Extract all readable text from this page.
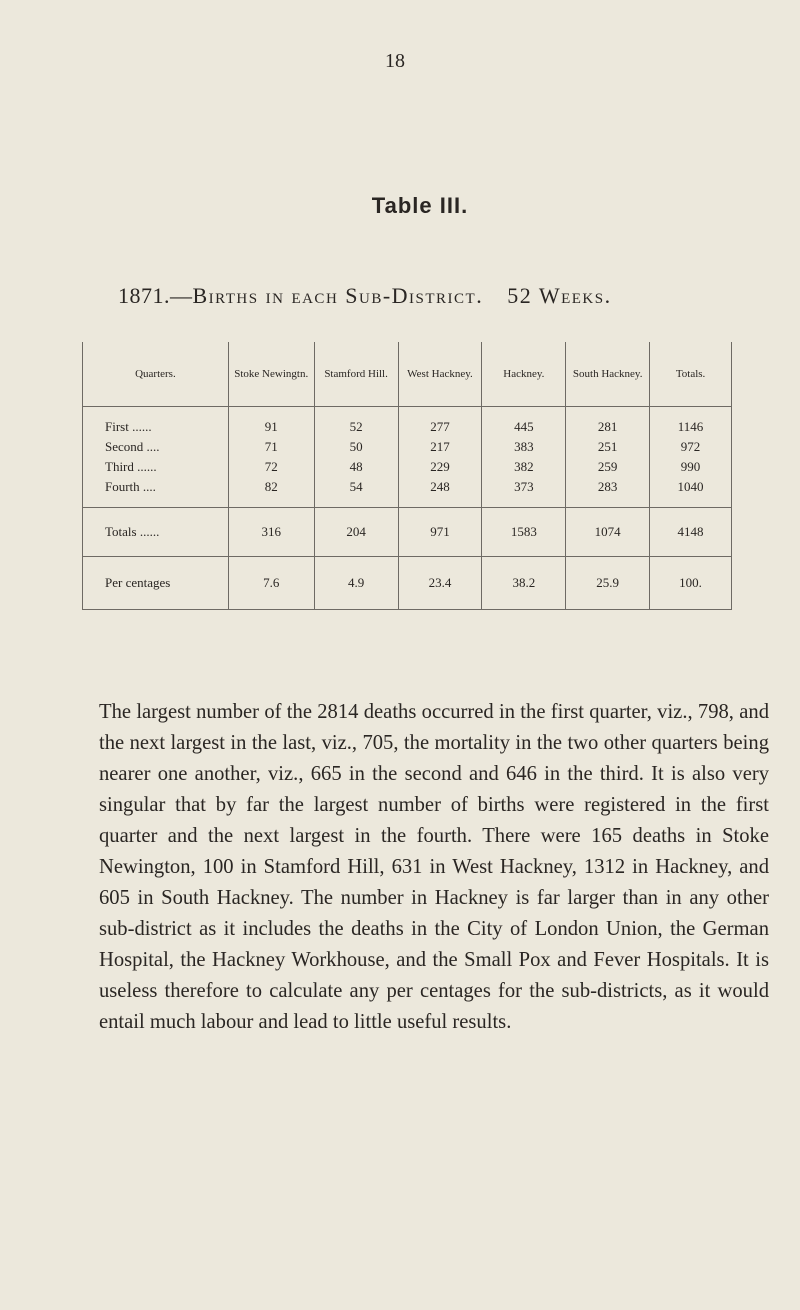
18
Table III.
1871.—Births in each Sub-District. 52 Weeks.
Quarters.	Stoke Newingtn.	Stamford Hill.	West Hackney.	Hackney.	South Hackney.	Totals.
First ......	91	52	277	445	281	1146
Second ....	71	50	217	383	251	972
Third ......	72	48	229	382	259	990
Fourth ....	82	54	248	373	283	1040
Totals ......	316	204	971	1583	1074	4148
Per centages	7.6	4.9	23.4	38.2	25.9	100.

The largest number of the 2814 deaths occurred in the first quarter, viz., 798, and the next largest in the last, viz., 705, the mortality in the two other quarters being nearer one another, viz., 665 in the second and 646 in the third. It is also very singular that by far the largest number of births were registered in the first quarter and the next largest in the fourth. There were 165 deaths in Stoke Newington, 100 in Stamford Hill, 631 in West Hackney, 1312 in Hackney, and 605 in South Hackney. The number in Hackney is far larger than in any other sub-district as it includes the deaths in the City of London Union, the German Hospital, the Hackney Workhouse, and the Small Pox and Fever Hospitals. It is useless therefore to calculate any per centages for the sub-districts, as it would entail much labour and lead to little useful results.
